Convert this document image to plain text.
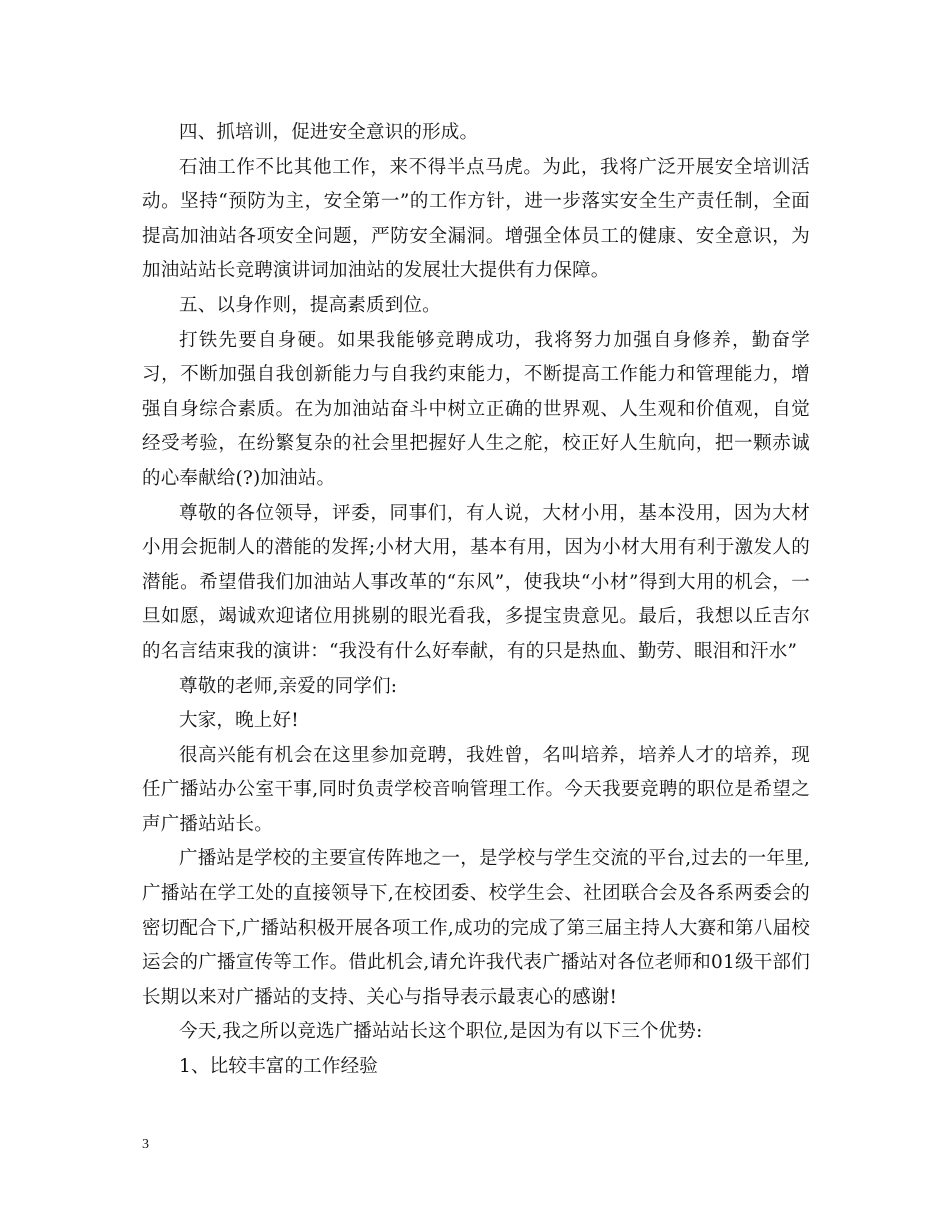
四、抓培训，促进安全意识的形成。

石油工作不比其他工作，来不得半点马虎。为此，我将广泛开展安全培训活动。坚持“预防为主，安全第一”的工作方针，进一步落实安全生产责任制，全面提高加油站各项安全问题，严防安全漏洞。增强全体员工的健康、安全意识，为加油站站长竞聘演讲词加油站的发展壮大提供有力保障。

五、以身作则，提高素质到位。

打铁先要自身硬。如果我能够竞聘成功，我将努力加强自身修养，勤奋学习，不断加强自我创新能力与自我约束能力，不断提高工作能力和管理能力，增强自身综合素质。在为加油站奋斗中树立正确的世界观、人生观和价值观，自觉经受考验，在纷繁复杂的社会里把握好人生之舵，校正好人生航向，把一颗赤诚的心奉献给(?)加油站。

尊敬的各位领导，评委，同事们，有人说，大材小用，基本没用，因为大材小用会扼制人的潜能的发挥;小材大用，基本有用，因为小材大用有利于激发人的潜能。希望借我们加油站人事改革的“东风”，使我块“小材”得到大用的机会，一旦如愿，竭诚欢迎诸位用挑剔的眼光看我，多提宝贵意见。最后，我想以丘吉尔的名言结束我的演讲：“我没有什么好奉献，有的只是热血、勤劳、眼泪和汗水”

尊敬的老师,亲爱的同学们:

大家，晚上好!

很高兴能有机会在这里参加竞聘，我姓曾，名叫培养，培养人才的培养，现任广播站办公室干事,同时负责学校音响管理工作。今天我要竞聘的职位是希望之声广播站站长。

广播站是学校的主要宣传阵地之一，是学校与学生交流的平台,过去的一年里,广播站在学工处的直接领导下,在校团委、校学生会、社团联合会及各系两委会的密切配合下,广播站积极开展各项工作,成功的完成了第三届主持人大赛和第八届校运会的广播宣传等工作。借此机会,请允许我代表广播站对各位老师和01级干部们长期以来对广播站的支持、关心与指导表示最衷心的感谢!

今天,我之所以竞选广播站站长这个职位,是因为有以下三个优势:

1、比较丰富的工作经验

3
